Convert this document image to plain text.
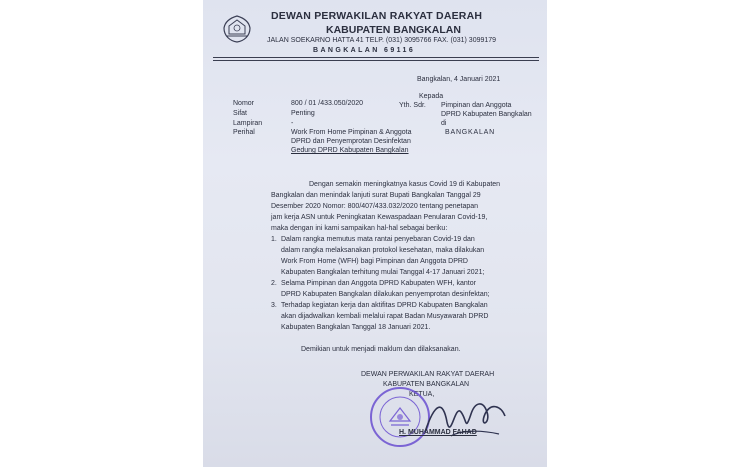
DEWAN PERWAKILAN RAKYAT DAERAH
KABUPATEN BANGKALAN
JALAN SOEKARNO HATTA 41 TELP. (031) 3095766 FAX. (031) 3099179
BANGKALAN 69116
Bangkalan, 4 Januari 2021
Kepada
Yth. Sdr. Pimpinan dan Anggota
DPRD Kabupaten Bangkalan
di
BANGKALAN
Nomor	800 / 01 /433.050/2020
Sifat	Penting
Lampiran	-
Perihal	Work From Home Pimpinan & Anggota
DPRD dan Penyemprotan Desinfektan
Gedung DPRD Kabupaten Bangkalan
Dengan semakin meningkatnya kasus Covid 19 di Kabupaten
Bangkalan dan menindak lanjuti surat Bupati Bangkalan Tanggal 29
Desember 2020 Nomor: 800/407/433.032/2020 tentang penetapan
jam kerja ASN untuk Peningkatan Kewaspadaan Penularan Covid-19,
maka dengan ini kami sampaikan hal-hal sebagai beriku:
1. Dalam rangka memutus mata rantai penyebaran Covid-19 dan
dalam rangka melaksanakan protokol kesehatan, maka dilakukan
Work From Home (WFH) bagi Pimpinan dan Anggota DPRD
Kabupaten Bangkalan terhitung mulai Tanggal 4-17 Januari 2021;
2. Selama Pimpinan dan Anggota DPRD Kabupaten WFH, kantor
DPRD Kabupaten Bangkalan dilakukan penyemprotan desinfektan;
3. Terhadap kegiatan kerja dan aktifitas DPRD Kabupaten Bangkalan
akan dijadwalkan kembali melalui rapat Badan Musyawarah DPRD
Kabupaten Bangkalan Tanggal 18 Januari 2021.
Demikian untuk menjadi maklum dan dilaksanakan.
DEWAN PERWAKILAN RAKYAT DAERAH
KABUPATEN BANGKALAN
KETUA,
H. MUHAMMAD FAHAD
